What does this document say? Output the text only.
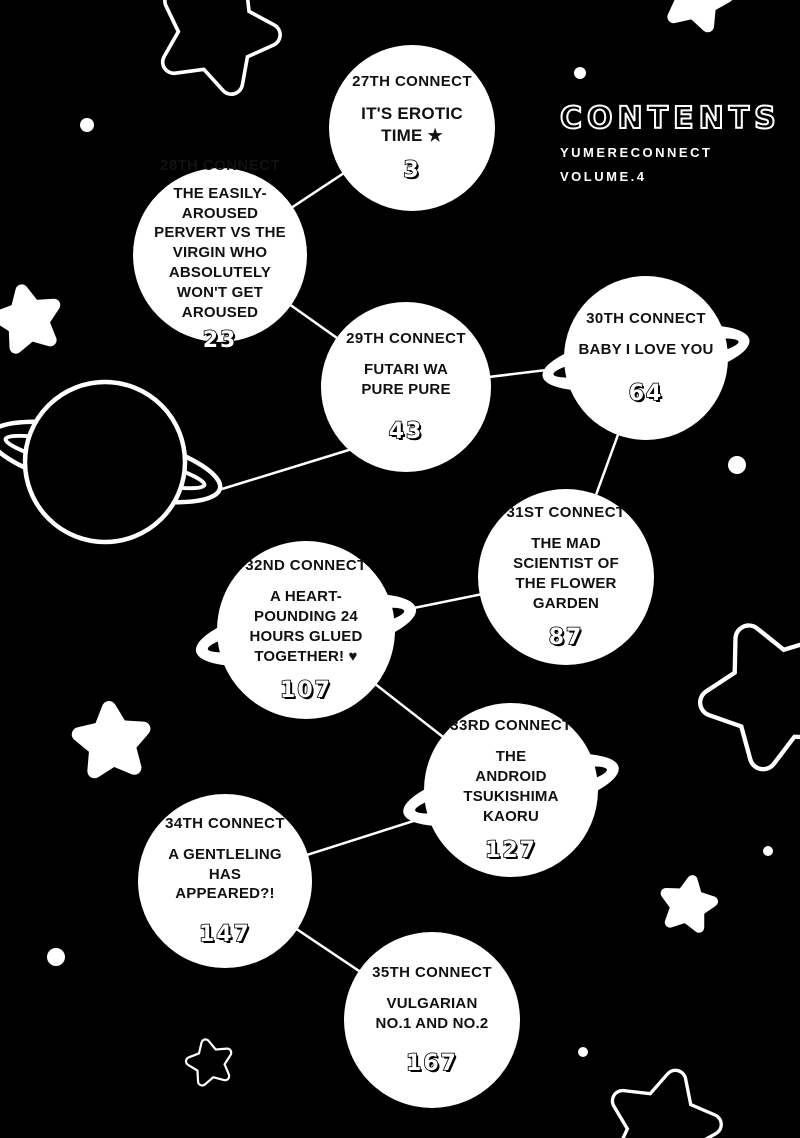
CONTENTS
YUMERECONNECT
VOLUME.4
27TH CONNECT
IT'S EROTIC TIME ★
3
28TH CONNECT
THE EASILY-AROUSED PERVERT VS THE VIRGIN WHO ABSOLUTELY WON'T GET AROUSED
23	29TH CONNECT
FUTARI WA PURE PURE
43
30TH CONNECT
BABY I LOVE YOU
64
31ST CONNECT
THE MAD SCIENTIST OF THE FLOWER GARDEN
87
32ND CONNECT
A HEART-POUNDING 24 HOURS GLUED TOGETHER! ♥
107
33RD CONNECT
THE ANDROID TSUKISHIMA KAORU
127
34TH CONNECT
A GENTLELING HAS APPEARED?!
147
35TH CONNECT
VULGARIAN NO.1 AND NO.2
167
